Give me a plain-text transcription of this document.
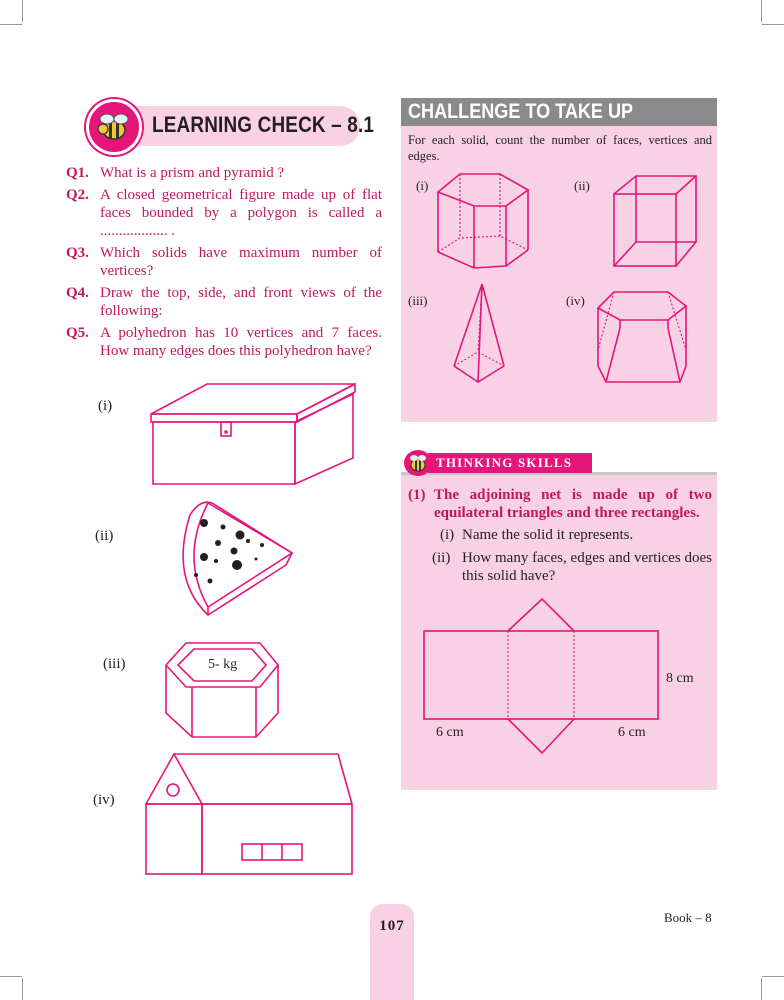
LEARNING CHECK – 8.1
Q1. What is a prism and pyramid ?
Q2. A closed geometrical figure made up of flat faces bounded by a polygon is called a .................. .
Q3. Which solids have maximum number of vertices?
Q4. Draw the top, side, and front views of the following:
Q5. A polyhedron has 10 vertices and 7 faces. How many edges does this polyhedron have?
(i)
(ii)
(iii)
(iv)
5- kg
CHALLENGE TO TAKE UP
For each solid, count the number of faces, vertices and edges.
(i)	(ii)
(iii)	(iv)
THINKING SKILLS
(1) The adjoining net is made up of two equilateral triangles and three rectangles.
(i) Name the solid it represents.
(ii) How many faces, edges and vertices does this solid have?
8 cm
6 cm	6 cm
107
Book – 8
